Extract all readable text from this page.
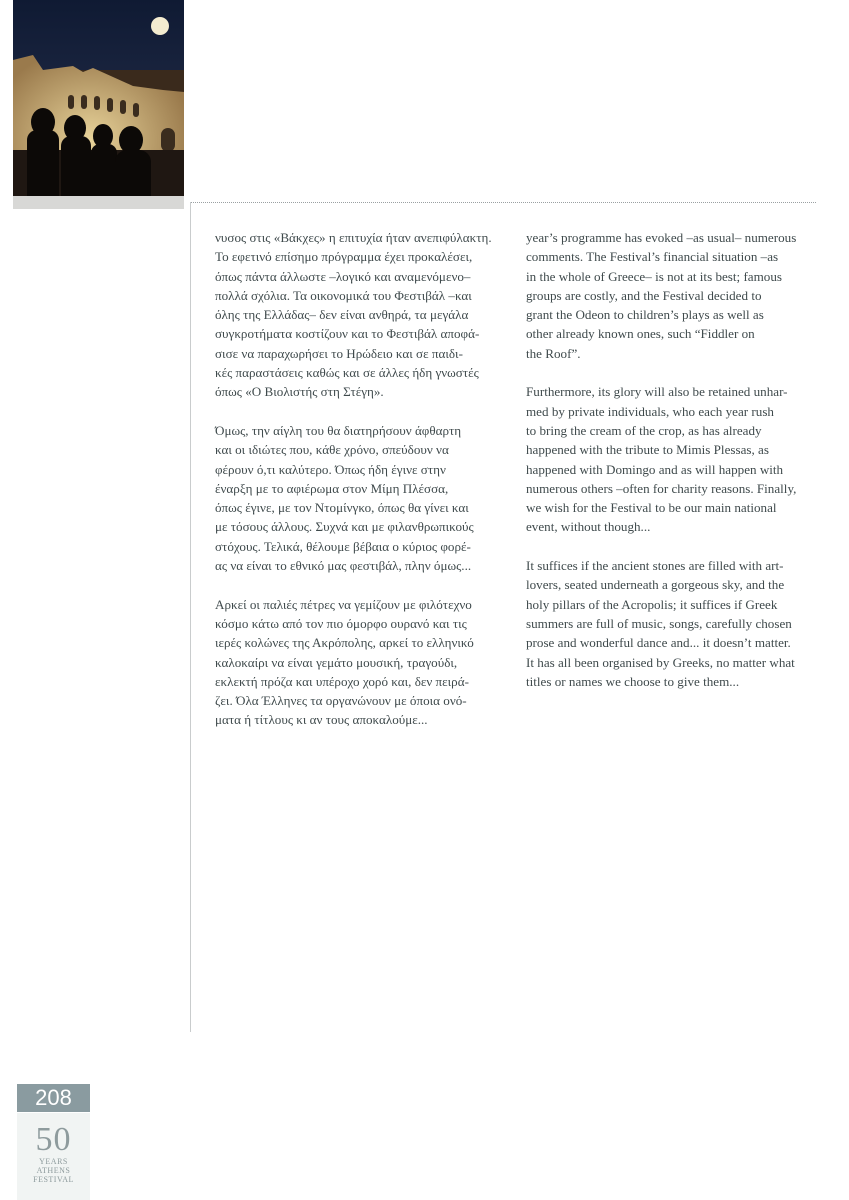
νυσος στις «Βάκχες» η επιτυχία ήταν ανεπιφύλακτη.
Το εφετινό επίσημο πρόγραμμα έχει προκαλέσει,
όπως πάντα άλλωστε –λογικό και αναμενόμενο–
πολλά σχόλια. Τα οικονομικά του Φεστιβάλ –και
όλης της Ελλάδας– δεν είναι ανθηρά, τα μεγάλα
συγκροτήματα κοστίζουν και το Φεστιβάλ αποφά-
σισε να παραχωρήσει το Ηρώδειο και σε παιδι-
κές παραστάσεις καθώς και σε άλλες ήδη γνωστές
όπως «Ο Βιολιστής στη Στέγη».

Όμως, την αίγλη του θα διατηρήσουν άφθαρτη
και οι ιδιώτες που, κάθε χρόνο, σπεύδουν να
φέρουν ό,τι καλύτερο. Όπως ήδη έγινε στην
έναρξη με το αφιέρωμα στον Μίμη Πλέσσα,
όπως έγινε, με τον Ντομίνγκο, όπως θα γίνει και
με τόσους άλλους. Συχνά και με φιλανθρωπικούς
στόχους. Τελικά, θέλουμε βέβαια ο κύριος φορέ-
ας να είναι το εθνικό μας φεστιβάλ, πλην όμως...

Αρκεί οι παλιές πέτρες να γεμίζουν με φιλότεχνο
κόσμο κάτω από τον πιο όμορφο ουρανό και τις
ιερές κολώνες της Ακρόπολης, αρκεί το ελληνικό
καλοκαίρι να είναι γεμάτο μουσική, τραγούδι,
εκλεκτή πρόζα και υπέροχο χορό και, δεν πειρά-
ζει. Όλα Έλληνες τα οργανώνουν με όποια ονό-
ματα ή τίτλους κι αν τους αποκαλούμε...

year’s programme has evoked –as usual– numerous
comments. The Festival’s financial situation –as
in the whole of Greece– is not at its best; famous
groups are costly, and the Festival decided to
grant the Odeon to children’s plays as well as
other already known ones, such “Fiddler on
the Roof”.

Furthermore, its glory will also be retained unhar-
med by private individuals, who each year rush
to bring the cream of the crop, as has already
happened with the tribute to Mimis Plessas, as
happened with Domingo and as will happen with
numerous others –often for charity reasons. Finally,
we wish for the Festival to be our main national
event, without though...

It suffices if the ancient stones are filled with art-
lovers, seated underneath a gorgeous sky, and the
holy pillars of the Acropolis; it suffices if Greek
summers are full of music, songs, carefully chosen
prose and wonderful dance and... it doesn’t matter.
It has all been organised by Greeks, no matter what
titles or names we choose to give them...

208
50
YEARS
ATHENS
FESTIVAL
